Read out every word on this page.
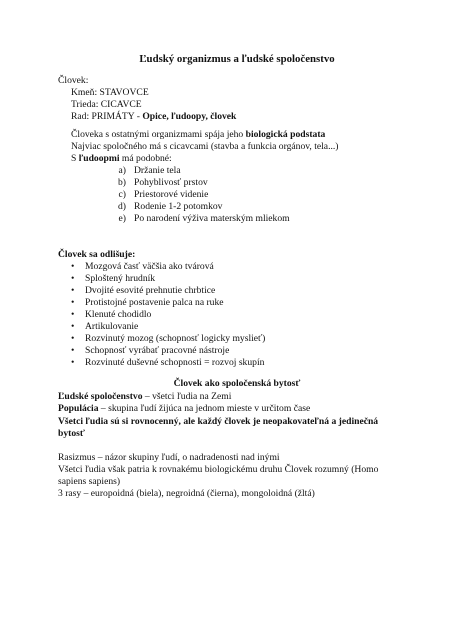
Ľudský organizmus a ľudské spoločenstvo
Človek:
Kmeň: STAVOVCE
Trieda: CICAVCE
Rad: PRIMÁTY - Opice, ľudoopy, človek
Človeka s ostatnými organizmami spája jeho biologická podstata
Najviac spoločného má s cicavcami (stavba a funkcia orgánov, tela...)
S ľudoopmi má podobné:
a) Držanie tela
b) Pohyblivosť prstov
c) Priestorové videnie
d) Rodenie 1-2 potomkov
e) Po narodení výživa materským mliekom
Človek sa odlišuje:
• Mozgová časť väčšia ako tvárová
• Sploštený hrudník
• Dvojité esovité prehnutie chrbtice
• Protistojné postavenie palca na ruke
• Klenuté chodidlo
• Artikulovanie
• Rozvinutý mozog (schopnosť logicky myslieť)
• Schopnosť vyrábať pracovné nástroje
• Rozvinuté duševné schopnosti = rozvoj skupín
Človek ako spoločenská bytosť
Ľudské spoločenstvo – všetci ľudia na Zemi
Populácia – skupina ľudí žijúca na jednom mieste v určitom čase
Všetci ľudia sú si rovnocenný, ale každý človek je neopakovateľná a jedinečná
bytosť
Rasizmus – názor skupiny ľudí, o nadradenosti nad inými
Všetci ľudia však patria k rovnakému biologickému druhu Človek rozumný (Homo
sapiens sapiens)
3 rasy – europoidná (biela), negroidná (čierna), mongoloidná (žltá)
